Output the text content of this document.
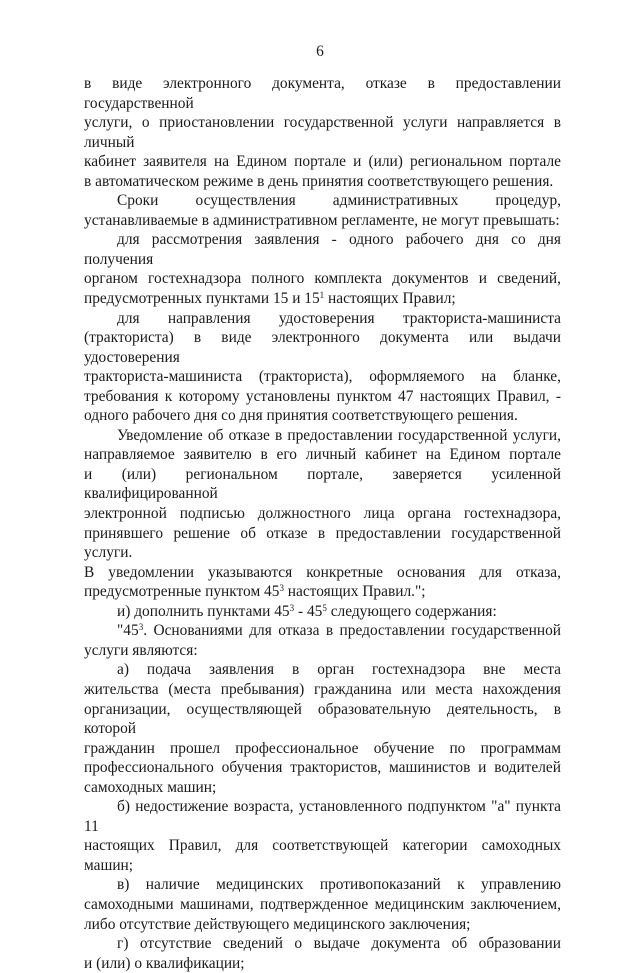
6

в виде электронного документа, отказе в предоставлении государственной

услуги, о приостановлении государственной услуги направляется в личный

кабинет заявителя на Едином портале и (или) региональном портале

в автоматическом режиме в день принятия соответствующего решения.

Сроки осуществления административных процедур,

устанавливаемые в административном регламенте, не могут превышать:

для рассмотрения заявления - одного рабочего дня со дня получения

органом гостехнадзора полного комплекта документов и сведений,

предусмотренных пунктами 15 и $15^1$ настоящих Правил;

для направления удостоверения тракториста-машиниста

(тракториста) в виде электронного документа или выдачи удостоверения

тракториста-машиниста (тракториста), оформляемого на бланке,

требования к которому установлены пунктом 47 настоящих Правил, -

одного рабочего дня со дня принятия соответствующего решения.

Уведомление об отказе в предоставлении государственной услуги,

направляемое заявителю в его личный кабинет на Едином портале

и (или) региональном портале, заверяется усиленной квалифицированной

электронной подписью должностного лица органа гостехнадзора,

принявшего решение об отказе в предоставлении государственной услуги.

В уведомлении указываются конкретные основания для отказа,

предусмотренные пунктом $45^3$ настоящих Правил.";

и) дополнить пунктами $45^3 - 45^5$ следующего содержания:

"$45^3$. Основаниями для отказа в предоставлении государственной

услуги являются:

а) подача заявления в орган гостехнадзора вне места

жительства (места пребывания) гражданина или места нахождения

организации, осуществляющей образовательную деятельность, в которой

гражданин прошел профессиональное обучение по программам

профессионального обучения трактористов, машинистов и водителей

самоходных машин;

б) недостижение возраста, установленного подпунктом "а" пункта 11

настоящих Правил, для соответствующей категории самоходных машин;

в) наличие медицинских противопоказаний к управлению

самоходными машинами, подтвержденное медицинским заключением,

либо отсутствие действующего медицинского заключения;

г) отсутствие сведений о выдаче документа об образовании

и (или) о квалификации;
